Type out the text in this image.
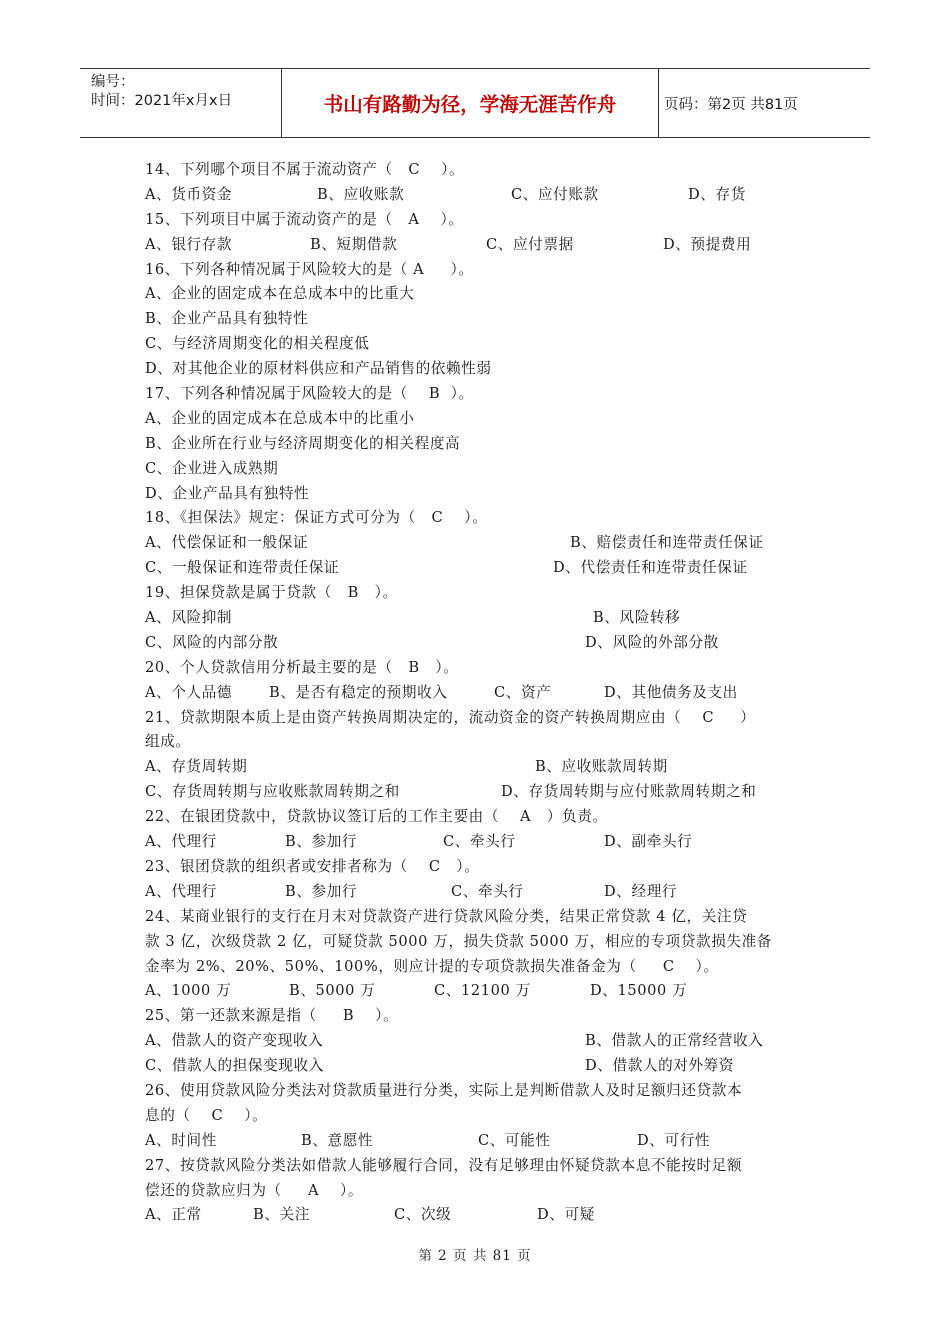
编号：
时间：2021年x月x日	书山有路勤为径，学海无涯苦作舟	页码：第2页 共81页
14、下列哪个项目不属于流动资产（   C    ）。
A、货币资金	B、应收账款	C、应付账款	D、存货
15、下列项目中属于流动资产的是（   A    ）。
A、银行存款	B、短期借款	C、应付票据	D、预提费用
16、下列各种情况属于风险较大的是（ A     ）。
A、企业的固定成本在总成本中的比重大
B、企业产品具有独特性
C、与经济周期变化的相关程度低
D、对其他企业的原材料供应和产品销售的依赖性弱
17、下列各种情况属于风险较大的是（    B  ）。
A、企业的固定成本在总成本中的比重小
B、企业所在行业与经济周期变化的相关程度高
C、企业进入成熟期
D、企业产品具有独特性
18、《担保法》规定：保证方式可分为（   C    ）。
A、代偿保证和一般保证	B、赔偿责任和连带责任保证
C、一般保证和连带责任保证	D、代偿责任和连带责任保证
19、担保贷款是属于贷款（   B   ）。
A、风险抑制	B、风险转移
C、风险的内部分散	D、风险的外部分散
20、个人贷款信用分析最主要的是（   B   ）。
A、个人品德	B、是否有稳定的预期收入	C、资产	D、其他债务及支出
21、贷款期限本质上是由资产转换周期决定的，流动资金的资产转换周期应由（    C     ）
组成。
A、存货周转期	B、应收账款周转期
C、存货周转期与应收账款周转期之和	D、存货周转期与应付账款周转期之和
22、在银团贷款中，贷款协议签订后的工作主要由（    A   ）负责。
A、代理行	B、参加行	C、牵头行	D、副牵头行
23、银团贷款的组织者或安排者称为（    C   ）。
A、代理行	B、参加行	C、牵头行	D、经理行
24、某商业银行的支行在月末对贷款资产进行贷款风险分类，结果正常贷款 4 亿，关注贷
款 3 亿，次级贷款 2 亿，可疑贷款 5000 万，损失贷款 5000 万，相应的专项贷款损失准备
金率为 2%、20%、50%、100%，则应计提的专项贷款损失准备金为（     C    ）。
A、1000 万	B、5000 万	C、12100 万	D、15000 万
25、第一还款来源是指（     B    ）。
A、借款人的资产变现收入	B、借款人的正常经营收入
C、借款人的担保变现收入	D、借款人的对外筹资
26、使用贷款风险分类法对贷款质量进行分类，实际上是判断借款人及时足额归还贷款本
息的（    C    ）。
A、时间性	B、意愿性	C、可能性	D、可行性
27、按贷款风险分类法如借款人能够履行合同，没有足够理由怀疑贷款本息不能按时足额
偿还的贷款应归为（     A    ）。
A、正常	B、关注	C、次级	D、可疑
第 2 页 共 81 页
